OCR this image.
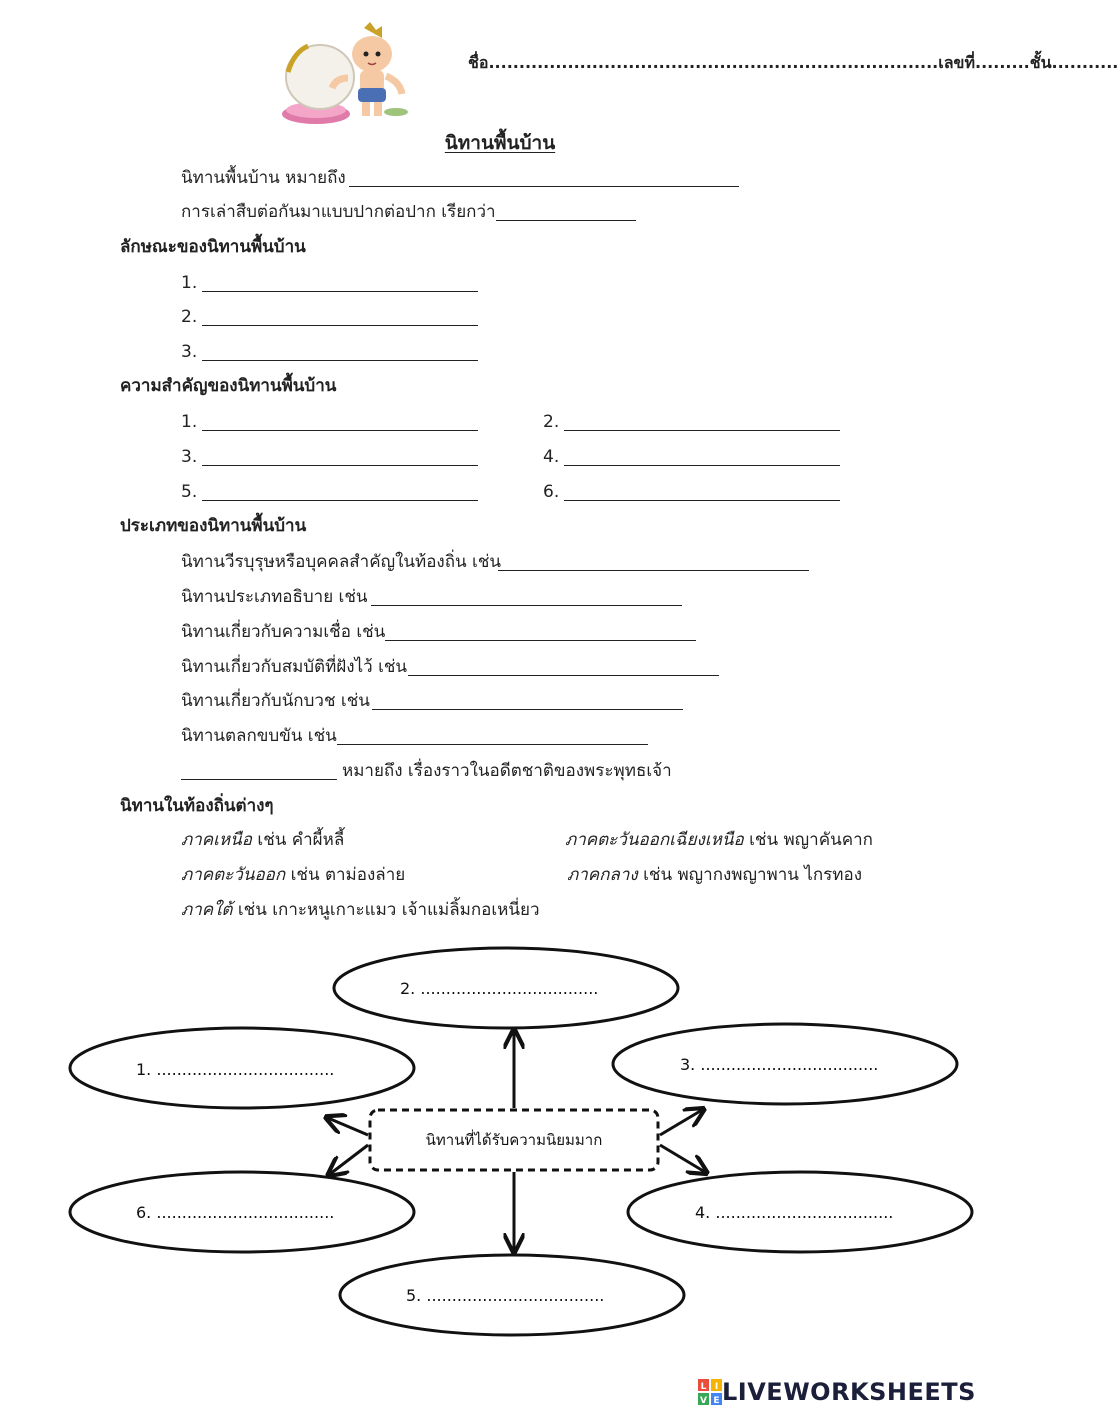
ชื่อ..........................................................................เลขที่.........ชั้น...........
นิทานพื้นบ้าน
นิทานพื้นบ้าน หมายถึง
การเล่าสืบต่อกันมาแบบปากต่อปาก เรียกว่า
ลักษณะของนิทานพื้นบ้าน
1.
2.
3.
ความสำคัญของนิทานพื้นบ้าน
1.	2.
3.	4.
5.	6.
ประเภทของนิทานพื้นบ้าน
นิทานวีรบุรุษหรือบุคคลสำคัญในท้องถิ่น เช่น
นิทานประเภทอธิบาย เช่น
นิทานเกี่ยวกับความเชื่อ เช่น
นิทานเกี่ยวกับสมบัติที่ฝังไว้ เช่น
นิทานเกี่ยวกับนักบวช เช่น
นิทานตลกขบขัน เช่น
หมายถึง เรื่องราวในอดีตชาติของพระพุทธเจ้า
นิทานในท้องถิ่นต่างๆ
ภาคเหนือ เช่น คำผี้หลี้	ภาคตะวันออกเฉียงเหนือ เช่น พญาคันคาก
ภาคตะวันออก เช่น ตาม่องล่าย	ภาคกลาง เช่น พญากงพญาพาน ไกรทอง
ภาคใต้ เช่น เกาะหนูเกาะแมว เจ้าแม่ลิ้มกอเหนี่ยว
2. ...................................
1. ...................................	3. ...................................
6. ...................................	4. ...................................
5. ...................................
นิทานที่ได้รับความนิยมมาก
L I
V E LIVEWORKSHEETS
